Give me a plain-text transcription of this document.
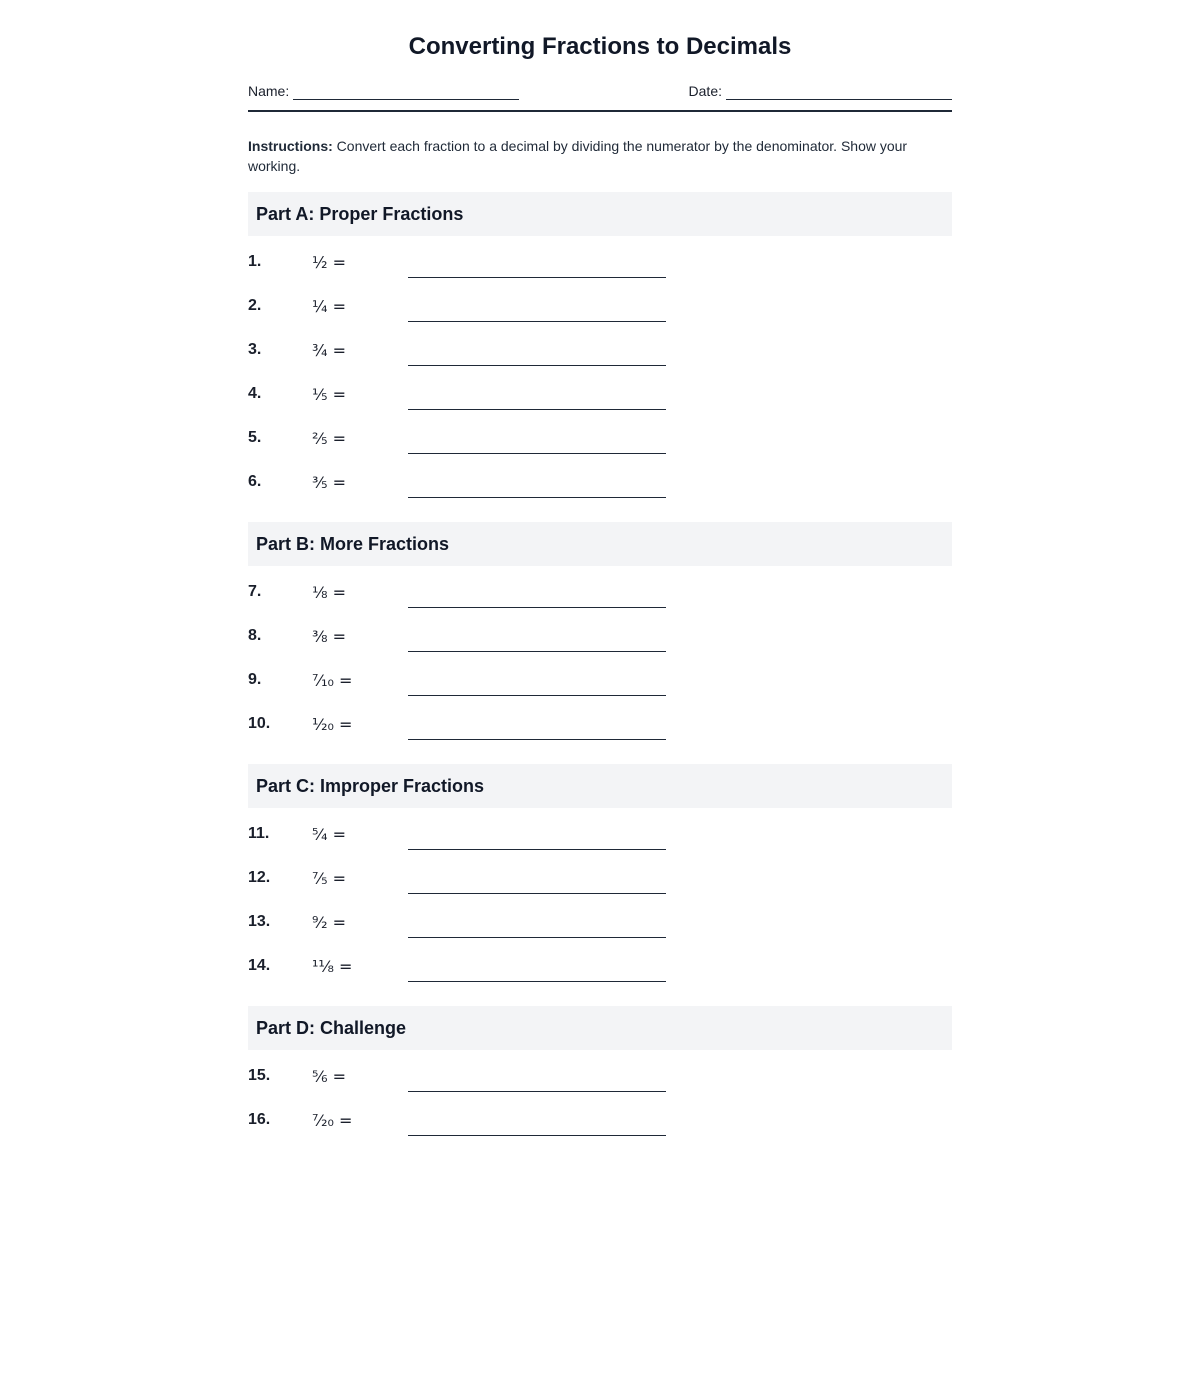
Converting Fractions to Decimals
Name:	Date:
Instructions: Convert each fraction to a decimal by dividing the numerator by the denominator. Show your working.
Part A: Proper Fractions
1.	½ =
2.	¼ =
3.	¾ =
4.	⅕ =
5.	⅖ =
6.	⅗ =
Part B: More Fractions
7.	⅛ =
8.	⅜ =
9.	⁷⁄₁₀ =
10.	¹⁄₂₀ =
Part C: Improper Fractions
11.	⁵⁄₄ =
12.	⁷⁄₅ =
13.	⁹⁄₂ =
14.	¹¹⁄₈ =
Part D: Challenge
15.	⅚ =
16.	⁷⁄₂₀ =
